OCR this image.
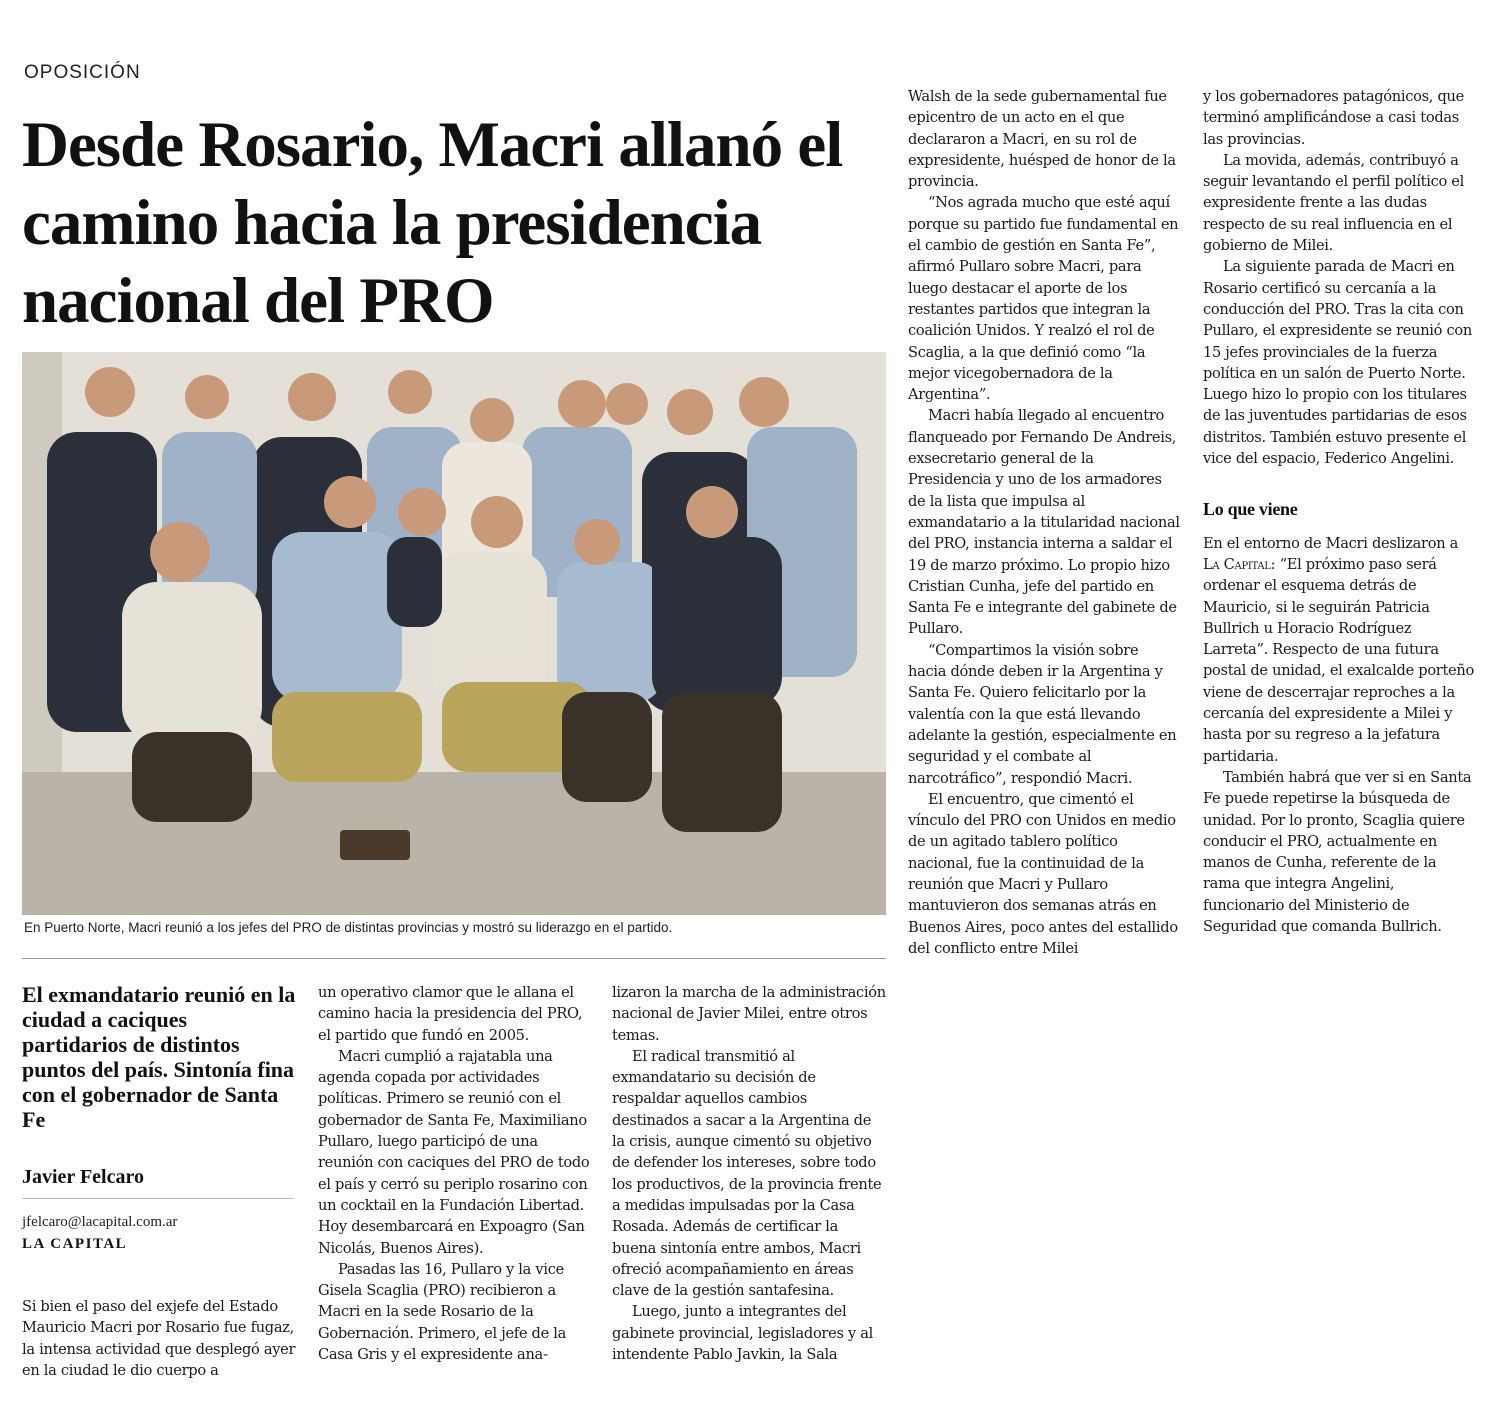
OPOSICIÓN
Desde Rosario, Macri allanó el camino hacia la presidencia nacional del PRO
En Puerto Norte, Macri reunió a los jefes del PRO de distintas provincias y mostró su liderazgo en el partido.
El exmandatario reunió en la ciudad a caciques partidarios de distintos puntos del país. Sintonía fina con el gobernador de Santa Fe
Javier Felcaro
jfelcaro@lacapital.com.ar
LA CAPITAL

Si bien el paso del exjefe del Estado Mauricio Macri por Rosario fue fugaz, la intensa actividad que desplegó ayer en la ciudad le dio cuerpo a

un operativo clamor que le allana el camino hacia la presidencia del PRO, el partido que fundó en 2005.

Macri cumplió a rajatabla una agenda copada por actividades políticas. Primero se reunió con el gobernador de Santa Fe, Maximiliano Pullaro, luego participó de una reunión con caciques del PRO de todo el país y cerró su periplo rosarino con un cocktail en la Fundación Libertad. Hoy desembarcará en Expoagro (San Nicolás, Buenos Aires).

Pasadas las 16, Pullaro y la vice Gisela Scaglia (PRO) recibieron a Macri en la sede Rosario de la Gobernación. Primero, el jefe de la Casa Gris y el expresidente ana-

lizaron la marcha de la administración nacional de Javier Milei, entre otros temas.

El radical transmitió al exmandatario su decisión de respaldar aquellos cambios destinados a sacar a la Argentina de la crisis, aunque cimentó su objetivo de defender los intereses, sobre todo los productivos, de la provincia frente a medidas impulsadas por la Casa Rosada. Además de certificar la buena sintonía entre ambos, Macri ofreció acompañamiento en áreas clave de la gestión santafesina.

Luego, junto a integrantes del gabinete provincial, legisladores y al intendente Pablo Javkin, la Sala

Walsh de la sede gubernamental fue epicentro de un acto en el que declararon a Macri, en su rol de expresidente, huésped de honor de la provincia.

“Nos agrada mucho que esté aquí porque su partido fue fundamental en el cambio de gestión en Santa Fe”, afirmó Pullaro sobre Macri, para luego destacar el aporte de los restantes partidos que integran la coalición Unidos. Y realzó el rol de Scaglia, a la que definió como “la mejor vicegobernadora de la Argentina”.

Macri había llegado al encuentro flanqueado por Fernando De Andreis, exsecretario general de la Presidencia y uno de los armadores de la lista que impulsa al exmandatario a la titularidad nacional del PRO, instancia interna a saldar el 19 de marzo próximo. Lo propio hizo Cristian Cunha, jefe del partido en Santa Fe e integrante del gabinete de Pullaro.

“Compartimos la visión sobre hacia dónde deben ir la Argentina y Santa Fe. Quiero felicitarlo por la valentía con la que está llevando adelante la gestión, especialmente en seguridad y el combate al narcotráfico”, respondió Macri.

El encuentro, que cimentó el vínculo del PRO con Unidos en medio de un agitado tablero político nacional, fue la continuidad de la reunión que Macri y Pullaro mantuvieron dos semanas atrás en Buenos Aires, poco antes del estallido del conflicto entre Milei

y los gobernadores patagónicos, que terminó amplificándose a casi todas las provincias.

La movida, además, contribuyó a seguir levantando el perfil político el expresidente frente a las dudas respecto de su real influencia en el gobierno de Milei.

La siguiente parada de Macri en Rosario certificó su cercanía a la conducción del PRO. Tras la cita con Pullaro, el expresidente se reunió con 15 jefes provinciales de la fuerza política en un salón de Puerto Norte. Luego hizo lo propio con los titulares de las juventudes partidarias de esos distritos. También estuvo presente el vice del espacio, Federico Angelini.

Lo que viene

En el entorno de Macri deslizaron a La Capital: “El próximo paso será ordenar el esquema detrás de Mauricio, si le seguirán Patricia Bullrich u Horacio Rodríguez Larreta”. Respecto de una futura postal de unidad, el exalcalde porteño viene de descerrajar reproches a la cercanía del expresidente a Milei y hasta por su regreso a la jefatura partidaria.

También habrá que ver si en Santa Fe puede repetirse la búsqueda de unidad. Por lo pronto, Scaglia quiere conducir el PRO, actualmente en manos de Cunha, referente de la rama que integra Angelini, funcionario del Ministerio de Seguridad que comanda Bullrich.
